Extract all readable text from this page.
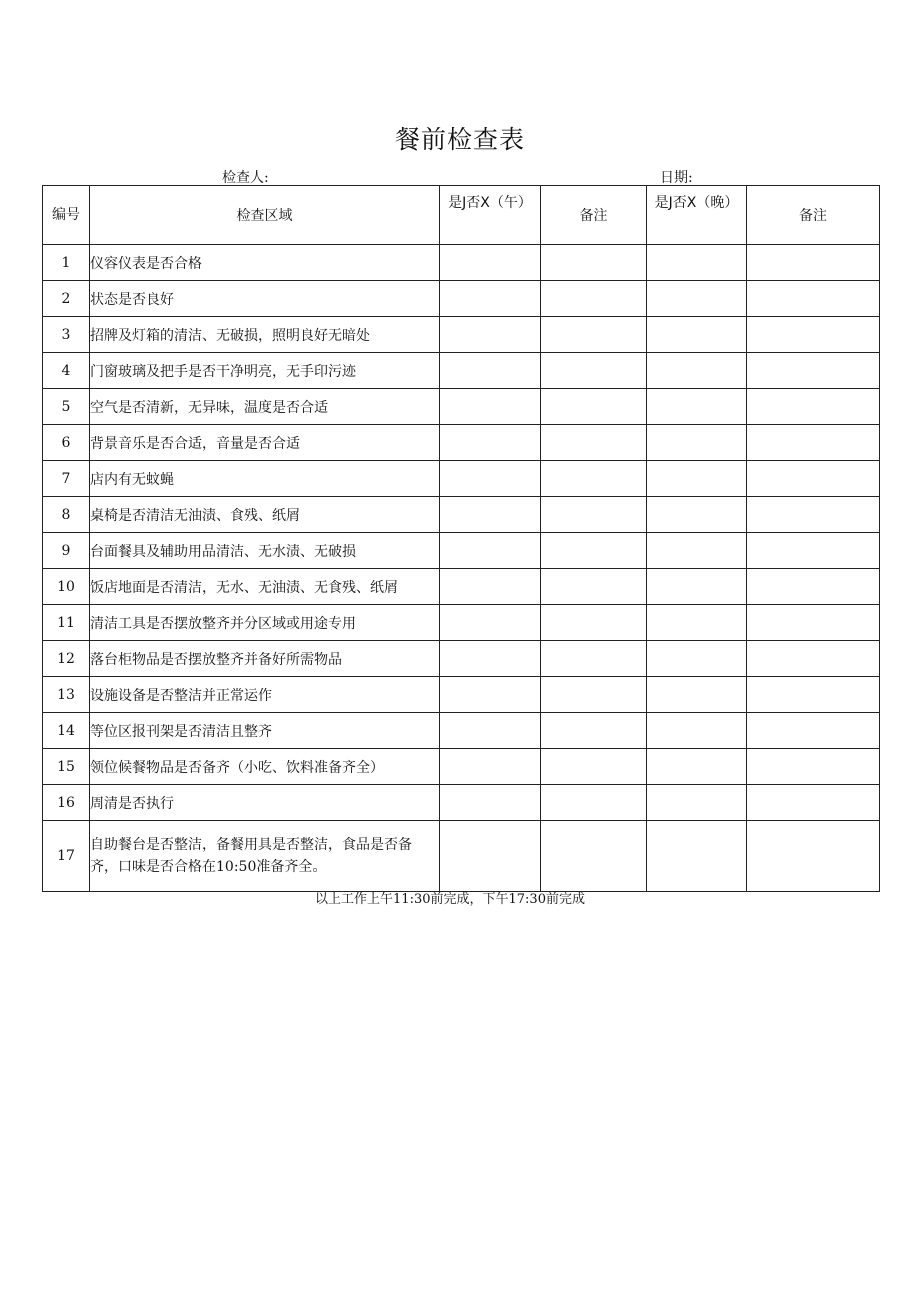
餐前检查表
检查人:	日期:
编号	检查区域	是J否X（午）	备注	是J否X（晚）	备注
1	仪容仪表是否合格				
2	状态是否良好				
3	招牌及灯箱的清洁、无破损，照明良好无暗处				
4	门窗玻璃及把手是否干净明亮，无手印污迹				
5	空气是否清新，无异味，温度是否合适				
6	背景音乐是否合适，音量是否合适				
7	店内有无蚊蝇				
8	桌椅是否清洁无油渍、食残、纸屑				
9	台面餐具及辅助用品清洁、无水渍、无破损				
10	饭店地面是否清洁，无水、无油渍、无食残、纸屑				
11	清洁工具是否摆放整齐并分区域或用途专用				
12	落台柜物品是否摆放整齐并备好所需物品				
13	设施设备是否整洁并正常运作				
14	等位区报刊架是否清洁且整齐				
15	领位候餐物品是否备齐（小吃、饮料准备齐全）				
16	周清是否执行				
17	自助餐台是否整洁，备餐用具是否整洁，食品是否备齐，口味是否合格在10:50准备齐全。				
以上工作上午11:30前完成，下午17:30前完成
